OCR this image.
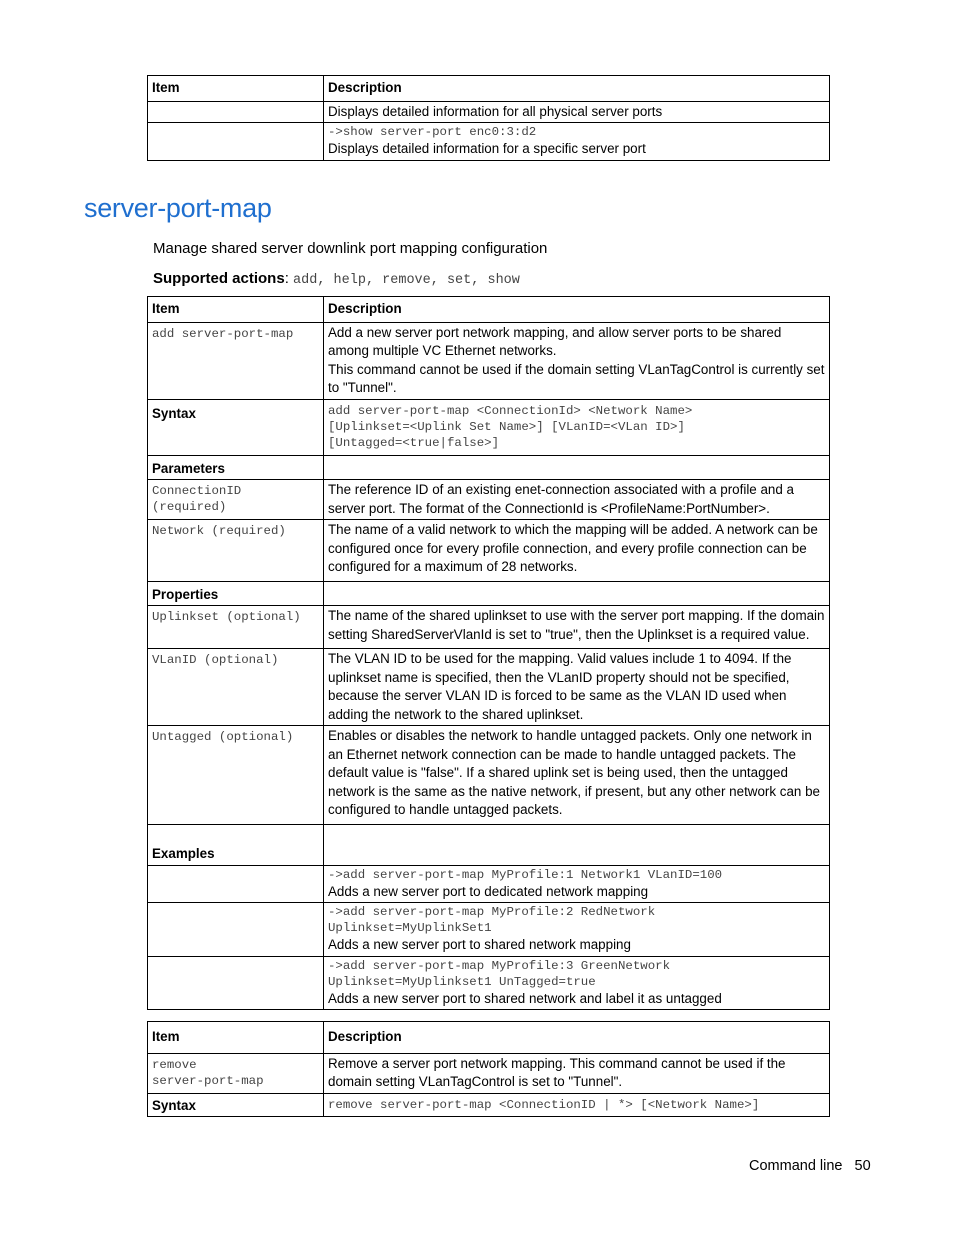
Item	Description
	Displays detailed information for all physical server ports

	->show server-port enc0:3:d2
Displays detailed information for a specific server port
server-port-map

Manage shared server downlink port mapping configuration

Supported actions: add, help, remove, set, show

Item	Description

add server-port-map	Add a new server port network mapping, and allow server ports to be shared among multiple VC Ethernet networks.
This command cannot be used if the domain setting VLanTagControl is currently set to "Tunnel".

Syntax	add server-port-map <ConnectionId> <Network Name>
[Uplinkset=<Uplink Set Name>] [VLanID=<VLan ID>]
[Untagged=<true|false>]

Parameters	

ConnectionID
(required)	The reference ID of an existing enet-connection associated with a profile and a server port. The format of the ConnectionId is <ProfileName:PortNumber>.

Network (required)	The name of a valid network to which the mapping will be added. A network can be configured once for every profile connection, and every profile connection can be configured for a maximum of 28 networks.
Properties	

Uplinkset (optional)	The name of the shared uplinkset to use with the server port mapping. If the domain setting SharedServerVlanId is set to "true", then the Uplinkset is a required value.

VLanID (optional)	The VLAN ID to be used for the mapping. Valid values include 1 to 4094. If the uplinkset name is specified, then the VLanID property should not be specified, because the server VLAN ID is forced to be same as the VLAN ID used when adding the network to the shared uplinkset.

Untagged (optional)	Enables or disables the network to handle untagged packets. Only one network in an Ethernet network connection can be made to handle untagged packets. The default value is "false". If a shared uplink set is being used, then the untagged network is the same as the native network, if present, but any other network can be configured to handle untagged packets.
Examples	

	->add server-port-map MyProfile:1 Network1 VLanID=100
Adds a new server port to dedicated network mapping

	->add server-port-map MyProfile:2 RedNetwork
Uplinkset=MyUplinkSet1
Adds a new server port to shared network mapping

	->add server-port-map MyProfile:3 GreenNetwork
Uplinkset=MyUplinkset1 UnTagged=true
Adds a new server port to shared network and label it as untagged
Item	Description

remove
server-port-map	Remove a server port network mapping. This command cannot be used if the domain setting VLanTagControl is set to "Tunnel".
Syntax	remove server-port-map <ConnectionID | *> [<Network Name>]
Command line 50
